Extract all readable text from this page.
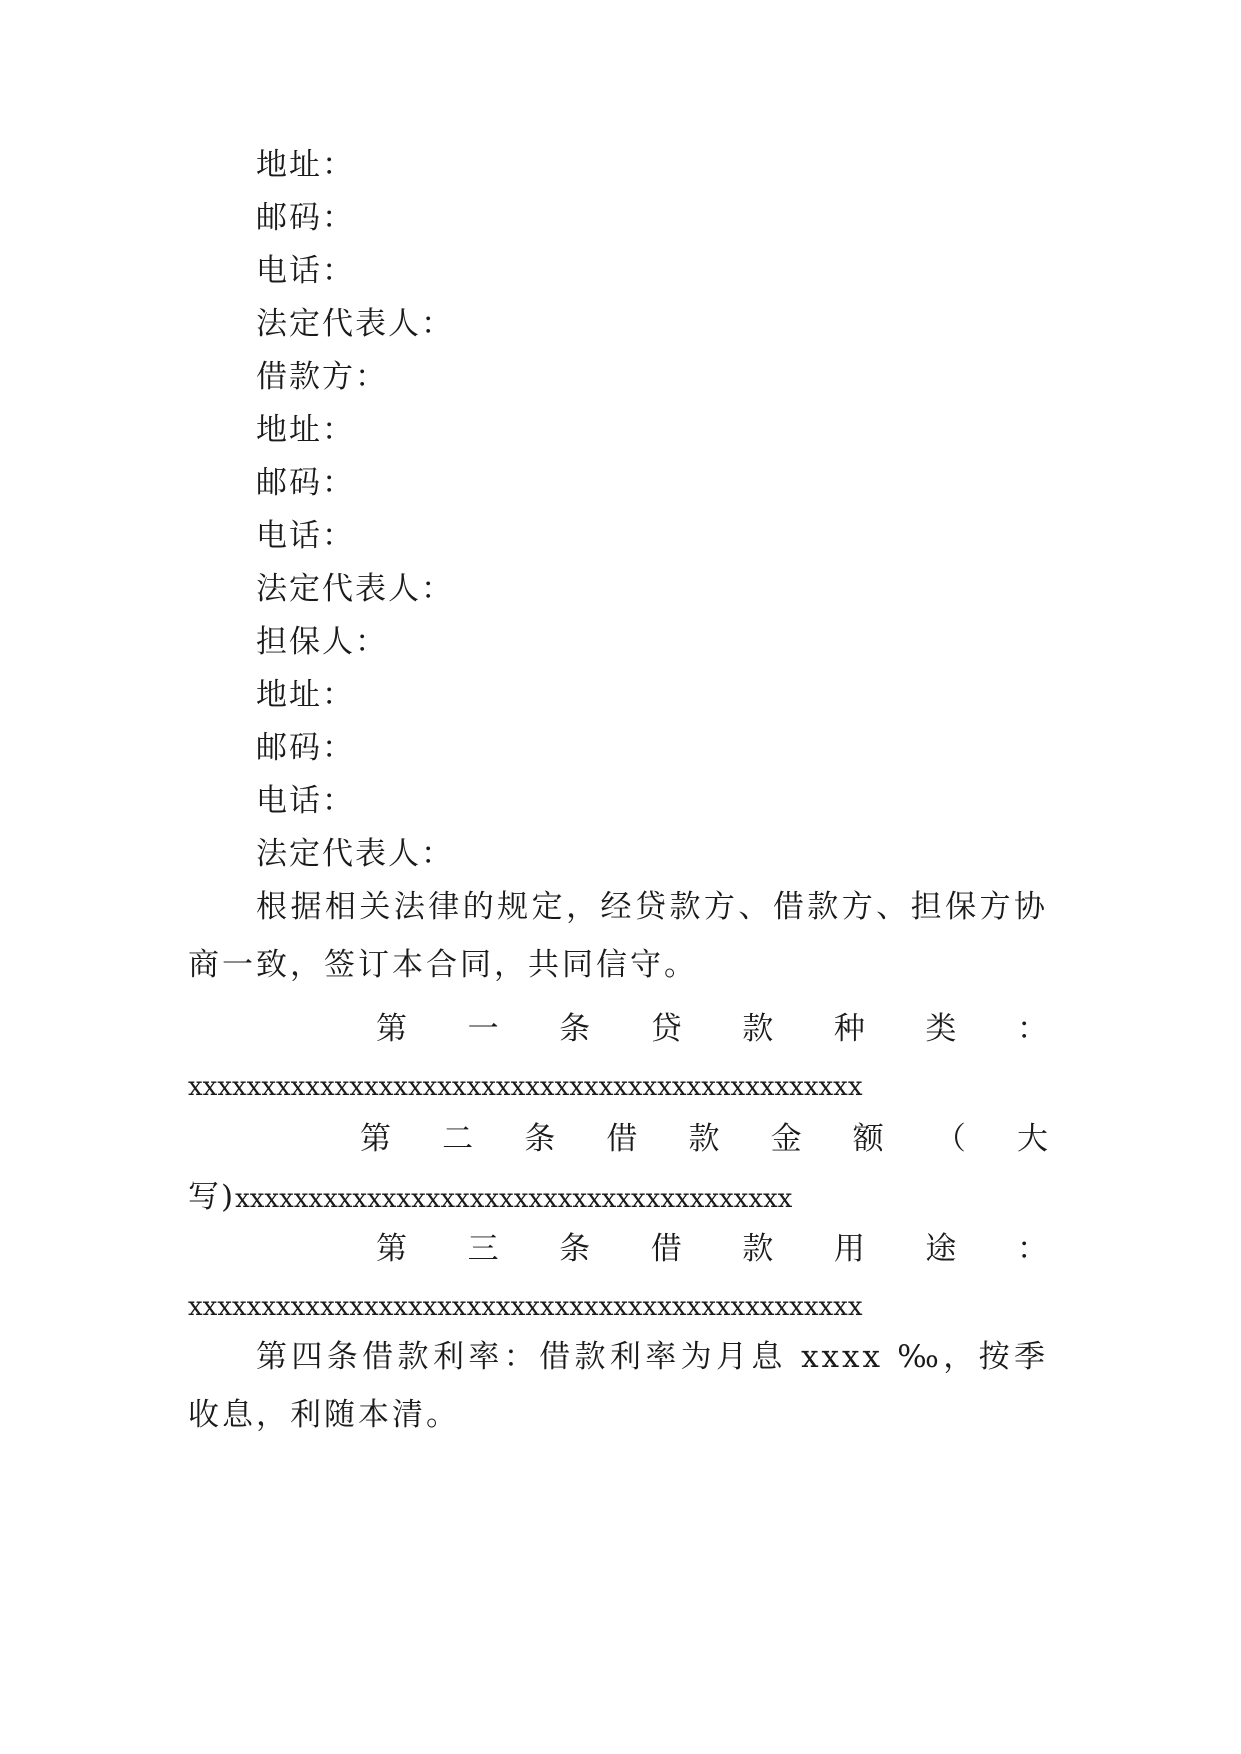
地址：
邮码：
电话：
法定代表人：
借款方：
地址：
邮码：
电话：
法定代表人：
担保人：
地址：
邮码：
电话：
法定代表人：
根据相关法律的规定，经贷款方、借款方、担保方协商一致，签订本合同，共同信守。
第 一 条 贷 款 种 类 ：
xxxxxxxxxxxxxxxxxxxxxxxxxxxxxxxxxxxxxxxxxxxxxx
第 二 条 借 款 金 额 （ 大
写)xxxxxxxxxxxxxxxxxxxxxxxxxxxxxxxxxxxxxx
第 三 条 借 款 用 途 ：
xxxxxxxxxxxxxxxxxxxxxxxxxxxxxxxxxxxxxxxxxxxxxx
第四条借款利率：借款利率为月息 xxxx ‰，按季收息，利随本清。
